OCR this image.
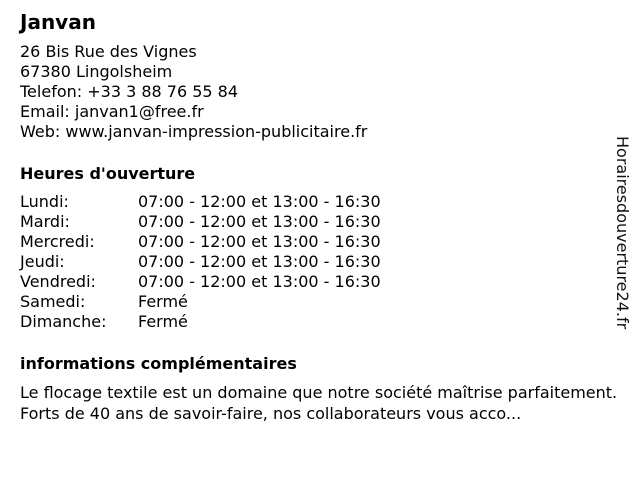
Janvan
26 Bis Rue des Vignes
67380 Lingolsheim
Telefon: +33 3 88 76 55 84
Email: janvan1@free.fr
Web: www.janvan-impression-publicitaire.fr
Heures d'ouverture
Lundi:	07:00 - 12:00 et 13:00 - 16:30
Mardi:	07:00 - 12:00 et 13:00 - 16:30
Mercredi:	07:00 - 12:00 et 13:00 - 16:30
Jeudi:	07:00 - 12:00 et 13:00 - 16:30
Vendredi:	07:00 - 12:00 et 13:00 - 16:30
Samedi:	Fermé
Dimanche:	Fermé
informations complémentaires

Le flocage textile est un domaine que notre société maîtrise parfaitement. Forts de 40 ans de savoir-faire, nos collaborateurs vous acco...

Horairesdouverture24.fr
